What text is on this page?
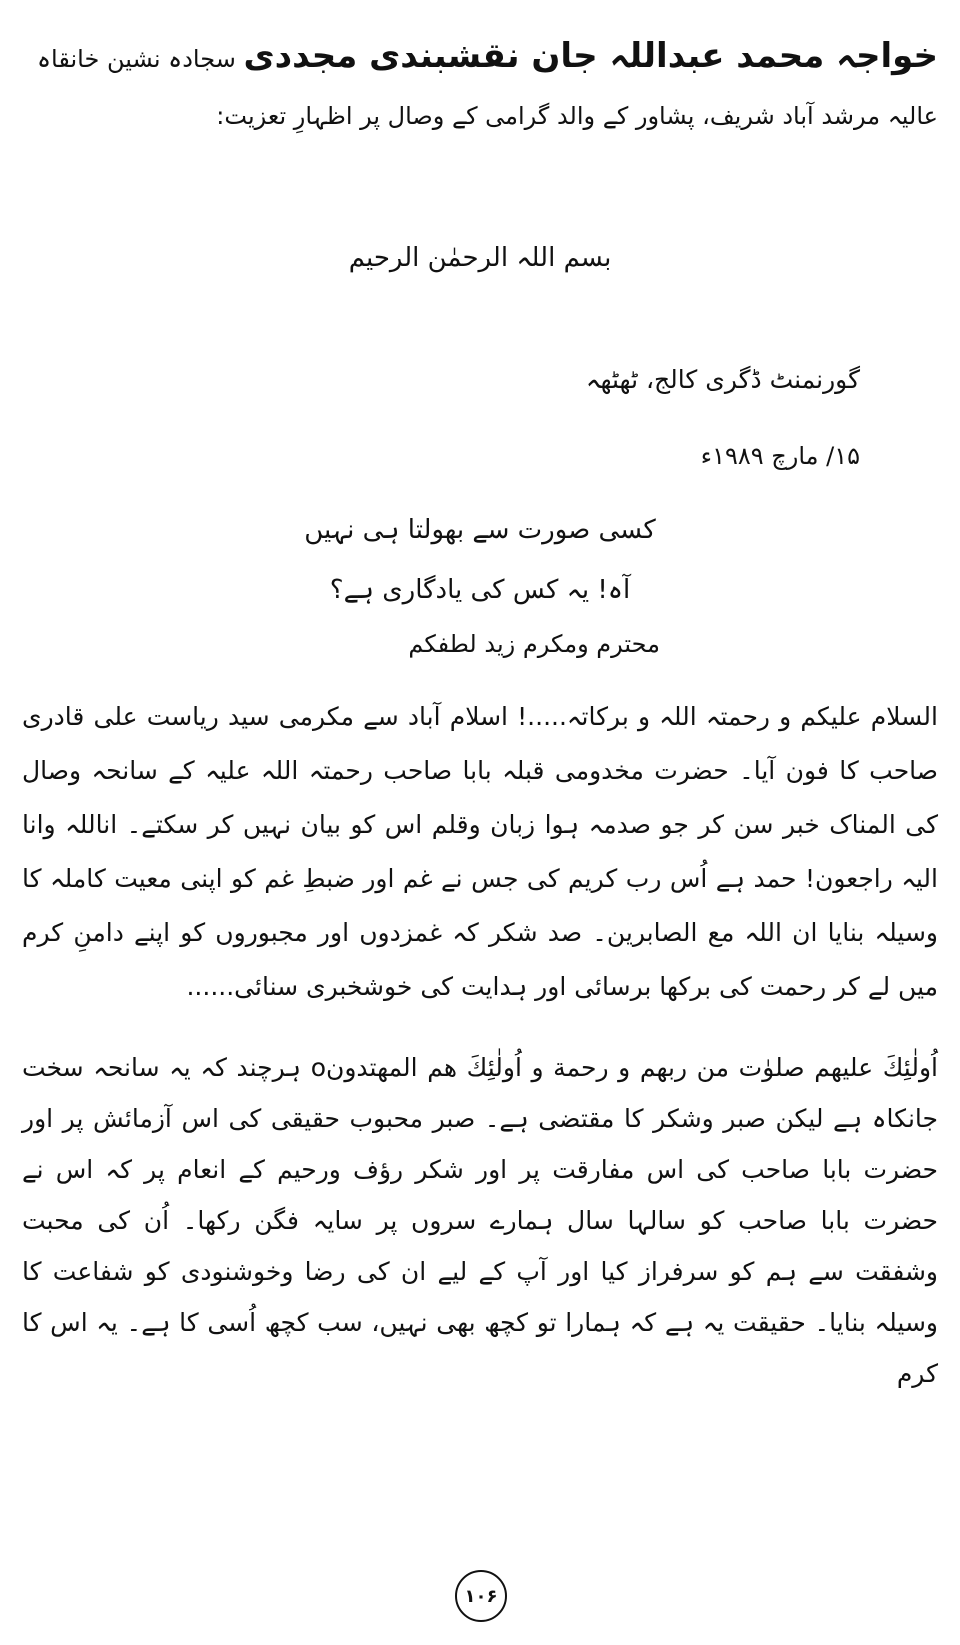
خواجہ محمد عبداللہ جان نقشبندی مجددی سجادہ نشین خانقاہ عالیہ مرشد آباد شریف، پشاور کے والد گرامی کے وصال پر اظہارِ تعزیت:
بسم اللہ الرحمٰن الرحیم
گورنمنٹ ڈگری کالج، ٹھٹھہ
۱۵/ مارچ ۱۹۸۹ء
کسی صورت سے بھولتا ہی نہیں
آہ! یہ کس کی یادگاری ہے؟
محترم ومکرم زید لطفکم
السلام علیکم و رحمتہ اللہ و برکاتہ.....! اسلام آباد سے مکرمی سید ریاست علی قادری صاحب کا فون آیا۔ حضرت مخدومی قبلہ بابا صاحب رحمتہ اللہ علیہ کے سانحہ وصال کی المناک خبر سن کر جو صدمہ ہوا زبان وقلم اس کو بیان نہیں کر سکتے۔ اناللہ وانا الیہ راجعون! حمد ہے اُس رب کریم کی جس نے غم اور ضبطِ غم کو اپنی معیت کاملہ کا وسیلہ بنایا ان اللہ مع الصابرین۔ صد شکر کہ غمزدوں اور مجبوروں کو اپنے دامنِ کرم میں لے کر رحمت کی برکھا برسائی اور ہدایت کی خوشخبری سنائی......
اُولٰئِكَ عليهم صلوٰت من ربهم و رحمة و اُولٰئِكَ هم المهتدونo ہرچند کہ یہ سانحہ سخت جانکاہ ہے لیکن صبر وشکر کا مقتضی ہے۔ صبر محبوب حقیقی کی اس آزمائش پر اور حضرت بابا صاحب کی اس مفارقت پر اور شکر رؤف ورحیم کے انعام پر کہ اس نے حضرت بابا صاحب کو سالہا سال ہمارے سروں پر سایہ فگن رکھا۔ اُن کی محبت وشفقت سے ہم کو سرفراز کیا اور آپ کے لیے ان کی رضا وخوشنودی کو شفاعت کا وسیلہ بنایا۔ حقیقت یہ ہے کہ ہمارا تو کچھ بھی نہیں، سب کچھ اُسی کا ہے۔ یہ اس کا کرم
۱۰۶
